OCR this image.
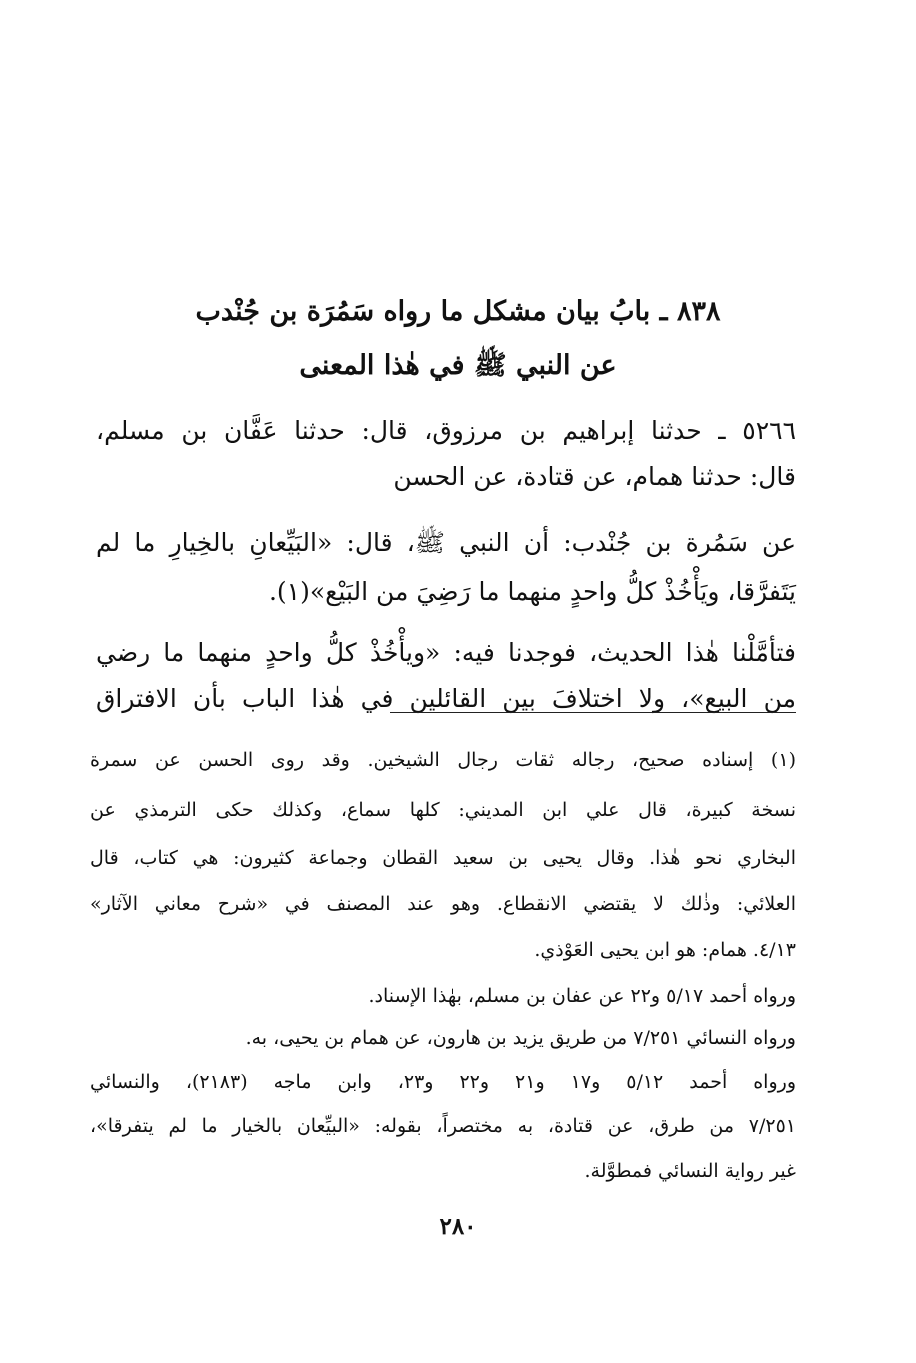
٨٣٨ ـ بابُ بيان مشكل ما رواه سَمُرَة بن جُنْدب
عن النبي ﷺ في هٰذا المعنى
٥٢٦٦ ـ حدثنا إبراهيم بن مرزوق، قال: حدثنا عَفَّان بن مسلم،
قال: حدثنا همام، عن قتادة، عن الحسن
عن سَمُرة بن جُنْدب: أن النبي ﷺ، قال: «البَيِّعانِ بالخِيارِ ما لم
يَتَفرَّقا، ويَأْخُذْ كلُّ واحدٍ منهما ما رَضِيَ من البَيْع»(١).
فتأمَّلْنا هٰذا الحديث، فوجدنا فيه: «ويأْخُذْ كلُّ واحدٍ منهما ما رضي
من البيع»، ولا اختلافَ بين القائلين في هٰذا الباب بأن الافتراق
(١) إسناده صحيح، رجاله ثقات رجال الشيخين. وقد روى الحسن عن سمرة
نسخة كبيرة، قال علي ابن المديني: كلها سماع، وكذلك حكى الترمذي عن
البخاري نحو هٰذا. وقال يحيى بن سعيد القطان وجماعة كثيرون: هي كتاب، قال
العلائي: وذٰلك لا يقتضي الانقطاع. وهو عند المصنف في «شرح معاني الآثار»
٤/١٣. همام: هو ابن يحيى العَوْذي.
ورواه أحمد ٥/١٧ و٢٢ عن عفان بن مسلم، بهٰذا الإسناد.
ورواه النسائي ٧/٢٥١ من طريق يزيد بن هارون، عن همام بن يحيى، به.
ورواه أحمد ٥/١٢ و١٧ و٢١ و٢٢ و٢٣، وابن ماجه (٢١٨٣)، والنسائي
٧/٢٥١ من طرق، عن قتادة، به مختصراً، بقوله: «البيِّعان بالخيار ما لم يتفرقا»،
غير رواية النسائي فمطوَّلة.
٢٨٠
